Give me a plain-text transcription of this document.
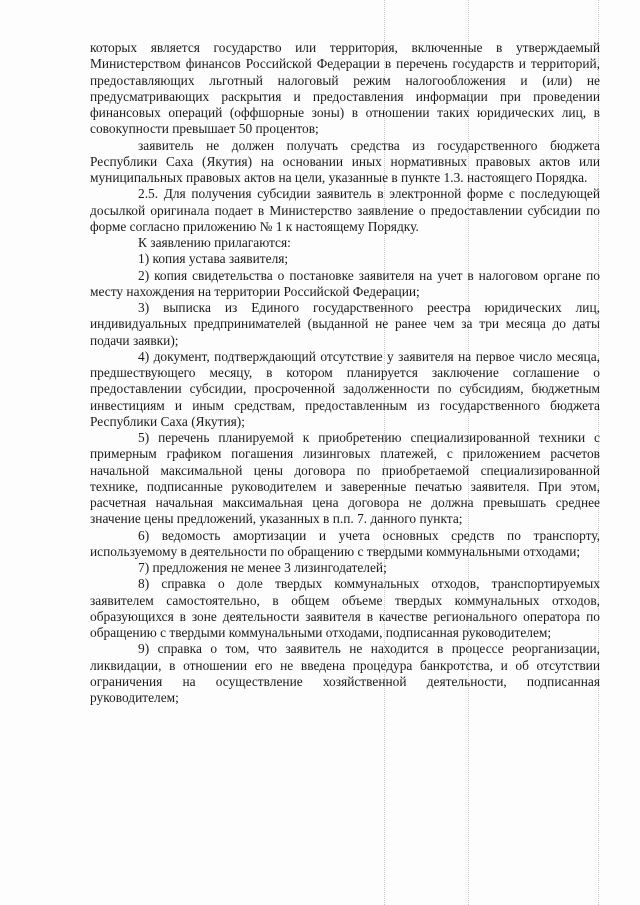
которых является государство или территория, включенные в утверждаемый Министерством финансов Российской Федерации в перечень государств и территорий, предоставляющих льготный налоговый режим налогообложения и (или) не предусматривающих раскрытия и предоставления информации при проведении финансовых операций (оффшорные зоны) в отношении таких юридических лиц, в совокупности превышает 50 процентов;

заявитель не должен получать средства из государственного бюджета Республики Саха (Якутия) на основании иных нормативных правовых актов или муниципальных правовых актов на цели, указанные в пункте 1.3. настоящего Порядка.

2.5. Для получения субсидии заявитель в электронной форме с последующей досылкой оригинала подает в Министерство заявление о предоставлении субсидии по форме согласно приложению № 1 к настоящему Порядку.

К заявлению прилагаются:

1) копия устава заявителя;

2) копия свидетельства о постановке заявителя на учет в налоговом органе по месту нахождения на территории Российской Федерации;

3) выписка из Единого государственного реестра юридических лиц, индивидуальных предпринимателей (выданной не ранее чем за три месяца до даты подачи заявки);

4) документ, подтверждающий отсутствие у заявителя на первое число месяца, предшествующего месяцу, в котором планируется заключение соглашение о предоставлении субсидии, просроченной задолженности по субсидиям, бюджетным инвестициям и иным средствам, предоставленным из государственного бюджета Республики Саха (Якутия);

5) перечень планируемой к приобретению специализированной техники с примерным графиком погашения лизинговых платежей, с приложением расчетов начальной максимальной цены договора по приобретаемой специализированной технике, подписанные руководителем и заверенные печатью заявителя. При этом, расчетная начальная максимальная цена договора не должна превышать среднее значение цены предложений, указанных в п.п. 7. данного пункта;

6) ведомость амортизации и учета основных средств по транспорту, используемому в деятельности по обращению с твердыми коммунальными отходами;

7) предложения не менее 3 лизингодателей;

8) справка о доле твердых коммунальных отходов, транспортируемых заявителем самостоятельно, в общем объеме твердых коммунальных отходов, образующихся в зоне деятельности заявителя в качестве регионального оператора по обращению с твердыми коммунальными отходами, подписанная руководителем;

9) справка о том, что заявитель не находится в процессе реорганизации, ликвидации, в отношении его не введена процедура банкротства, и об отсутствии ограничения на осуществление хозяйственной деятельности, подписанная руководителем;
